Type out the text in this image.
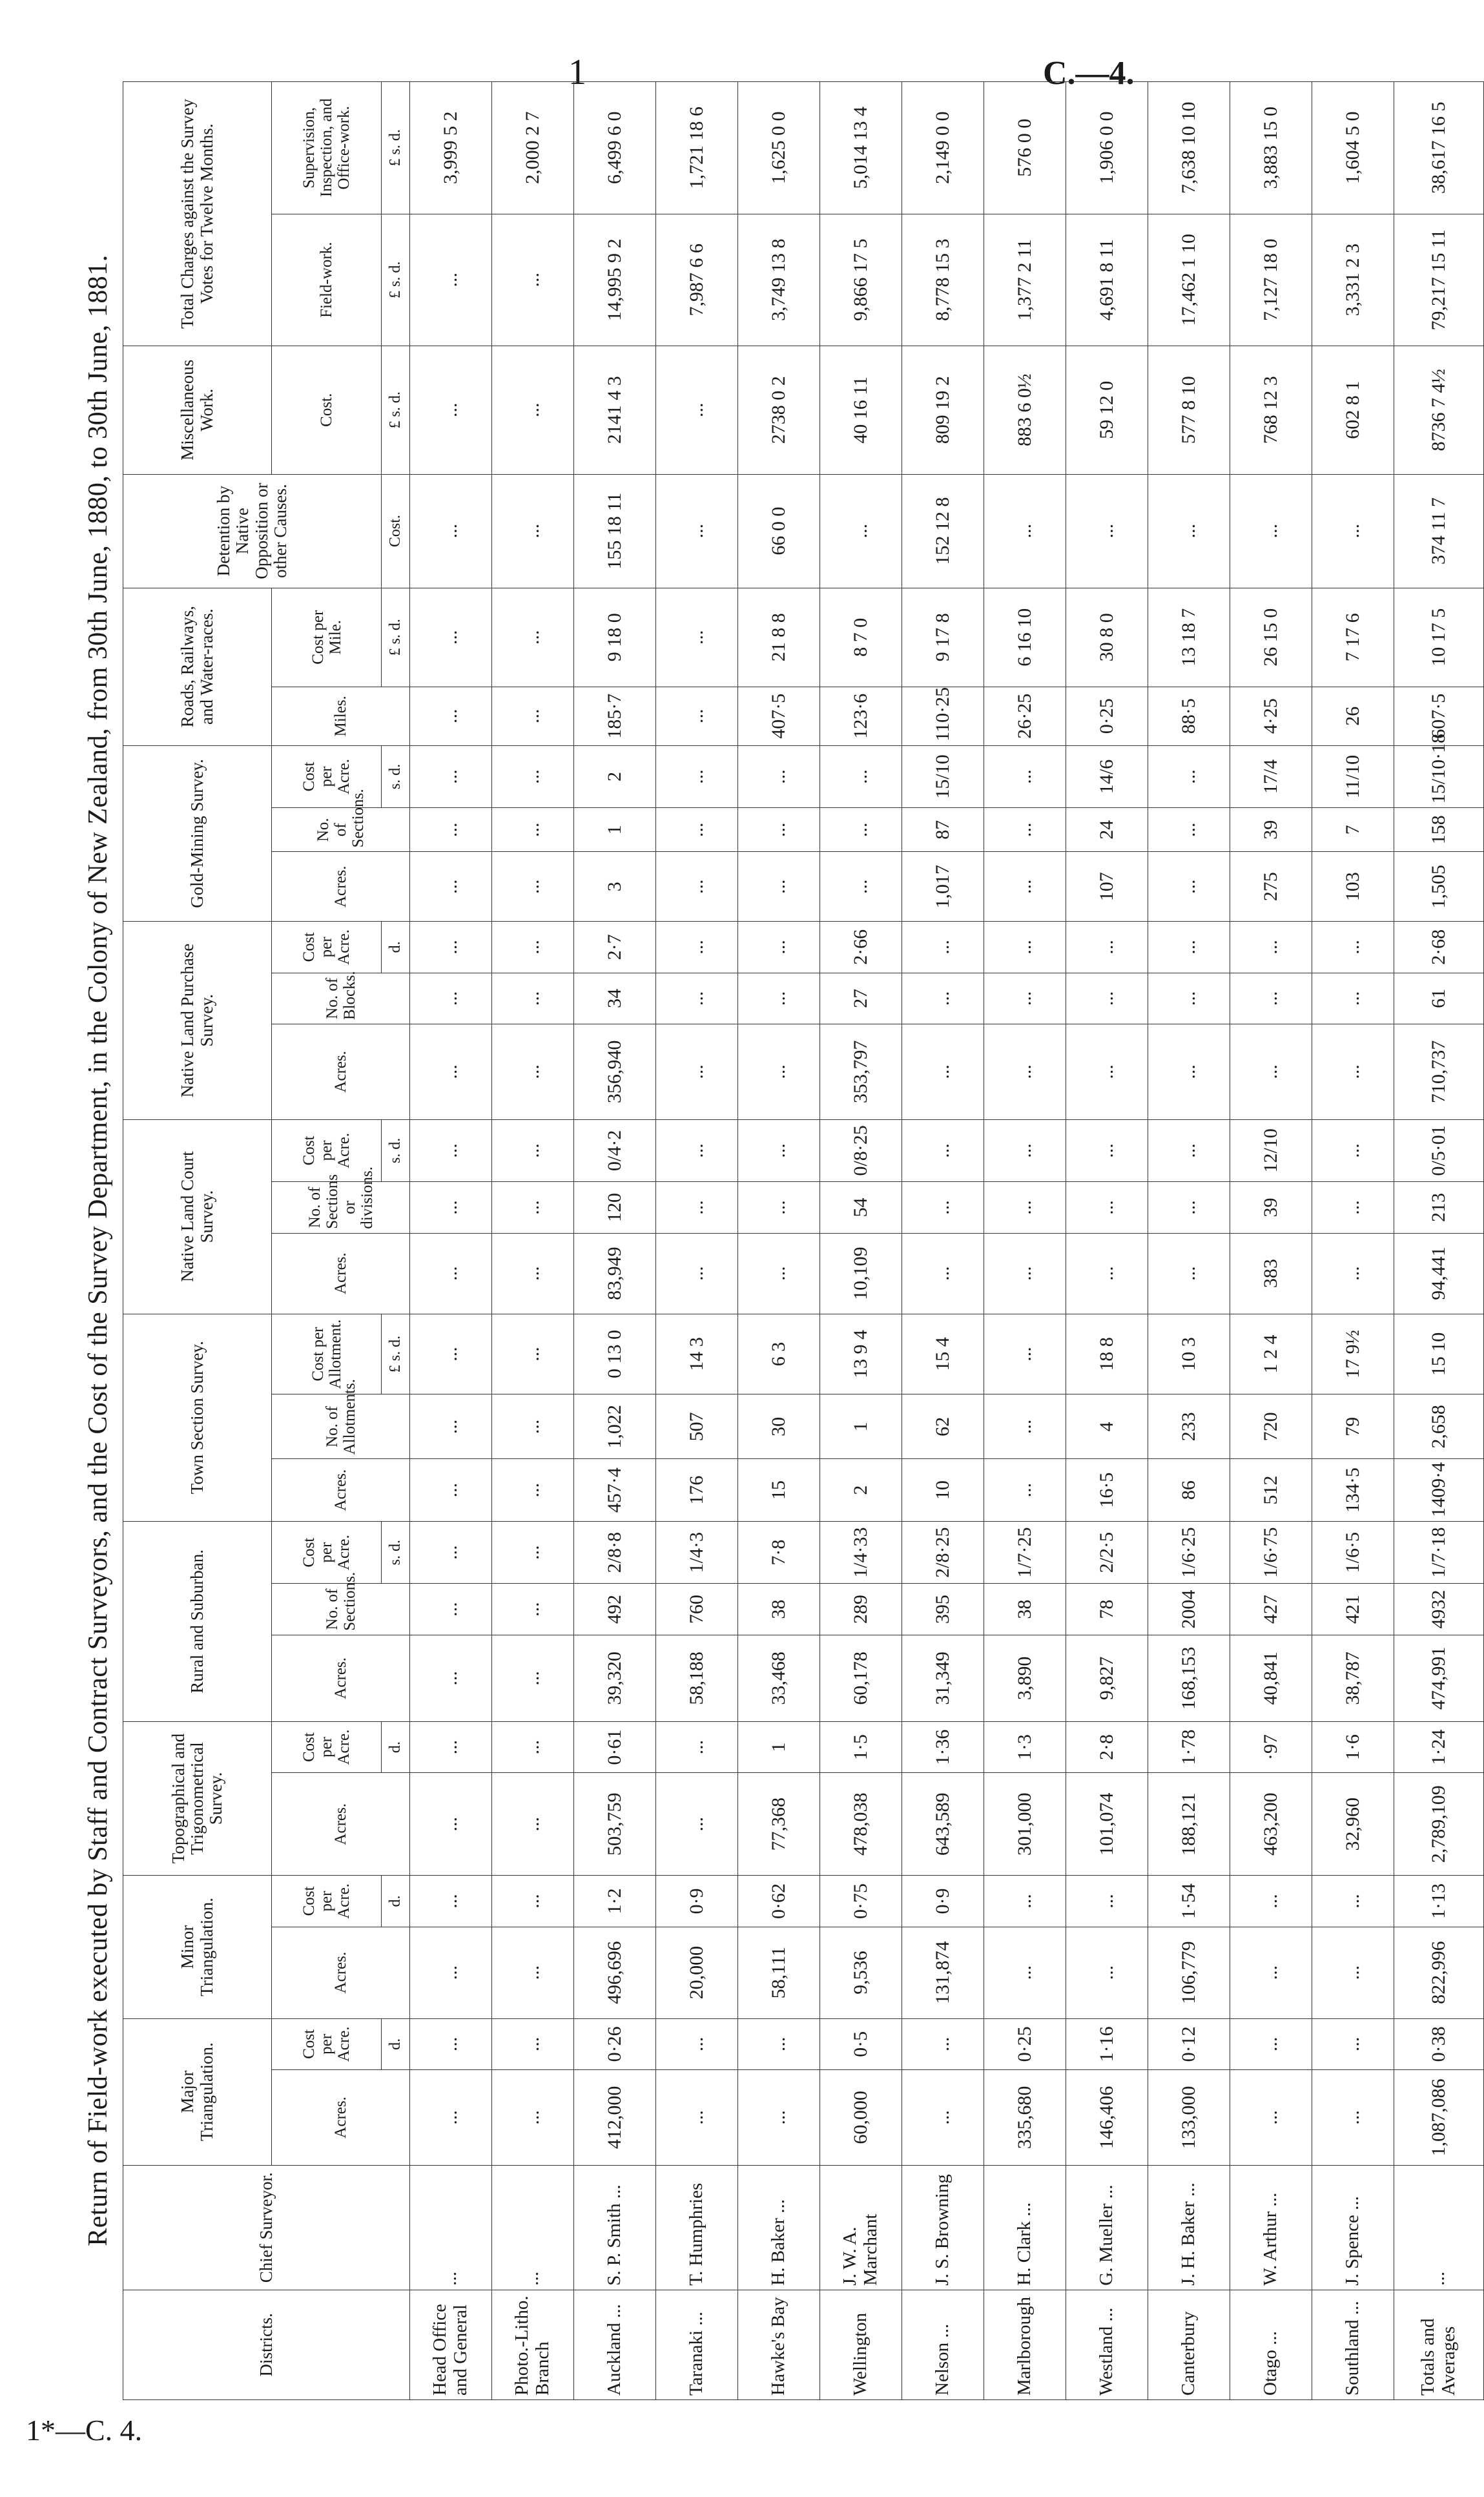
1	C.—4.
1*—C. 4.
Return of Field-work executed by Staff and Contract Surveyors, and the Cost of the Survey Department, in the Colony of New Zealand, from 30th June, 1880, to 30th June, 1881.
Districts.	Chief Surveyor.	Major Triangulation.		Minor Triangulation.		Topographical and Trigonometrical Survey.		Rural and Suburban.			Town Section Survey.			Native Land Court Survey.			Native Land Purchase Survey.			Gold-Mining Survey.			Roads, Railways, and Water-races.		Detention by Native Opposition or other Causes.	Miscellaneous Work.	Total Charges against the Survey Votes for Twelve Months.	
		Acres.	Cost per Acre.	Acres.	Cost per Acre.	Acres.	Cost per Acre.	Acres.	No. of Sections.	Cost per Acre.	Acres.	No. of Allotments.	Cost per Allotment.	Acres.	No. of Sections or divisions.	Cost per Acre.	Acres.	No. of Blocks.	Cost per Acre.	Acres.	No. of Sections.	Cost per Acre.	Miles.	Cost per Mile.		Cost.	Field-work.	Supervision, Inspection, and Office-work.
			d.		d.		d.			s. d.			£ s. d.			s. d.			d.			s. d.		£ s. d.	Cost.	£ s. d.	£ s. d.	£ s. d.
Head Office and General	...	...	...	...	...	...	...	...	...	...	...	...	...	...	...	...	...	...	...	...	...	...	...	...	...	...	...	3,999 5 2
Photo.-Litho. Branch	...	...	...	...	...	...	...	...	...	...	...	...	...	...	...	...	...	...	...	...	...	...	...	...	...	...	...	2,000 2 7
Auckland ...	S. P. Smith ...	412,000	0·26	496,696	1·2	503,759	0·61	39,320	492	2/8·8	457·4	1,022	0 13 0	83,949	120	0/4·2	356,940	34	2·7	3	1	2	185·7	9 18 0	155 18 11	2141 4 3	14,995 9 2	6,499 6 0
Taranaki ...	T. Humphries	...	...	20,000	0·9	...	...	58,188	760	1/4·3	176	507	14 3	...	...	...	...	...	...	...	...	...	...	...	...	...	7,987 6 6	1,721 18 6
Hawke's Bay	H. Baker ...	...	...	58,111	0·62	77,368	1	33,468	38	7·8	15	30	6 3	...	...	...	...	...	...	...	...	...	407·5	21 8 8	66 0 0	2738 0 2	3,749 13 8	1,625 0 0
Wellington	J. W. A. Marchant	60,000	0·5	9,536	0·75	478,038	1·5	60,178	289	1/4·33	2	1	13 9 4	10,109	54	0/8·25	353,797	27	2·66	...	...	...	123·6	8 7 0	...	40 16 11	9,866 17 5	5,014 13 4
Nelson ...	J. S. Browning	...	...	131,874	0·9	643,589	1·36	31,349	395	2/8·25	10	62	15 4	...	...	...	...	...	...	1,017	87	15/10	110·25	9 17 8	152 12 8	809 19 2	8,778 15 3	2,149 0 0
Marlborough	H. Clark ...	335,680	0·25	...	...	301,000	1·3	3,890	38	1/7·25	...	...	...	...	...	...	...	...	...	...	...	...	26·25	6 16 10	...	883 6 0½	1,377 2 11	576 0 0
Westland ...	G. Mueller ...	146,406	1·16	...	...	101,074	2·8	9,827	78	2/2·5	16·5	4	18 8	...	...	...	...	...	...	107	24	14/6	0·25	30 8 0	...	59 12 0	4,691 8 11	1,906 0 0
Canterbury	J. H. Baker ...	133,000	0·12	106,779	1·54	188,121	1·78	168,153	2004	1/6·25	86	233	10 3	...	...	...	...	...	...	...	...	...	88·5	13 18 7	...	577 8 10	17,462 1 10	7,638 10 10
Otago ...	W. Arthur ...	...	...	...	...	463,200	·97	40,841	427	1/6·75	512	720	1 2 4	383	39	12/10	...	...	...	275	39	17/4	4·25	26 15 0	...	768 12 3	7,127 18 0	3,883 15 0
Southland ...	J. Spence ...	...	...	...	...	32,960	1·6	38,787	421	1/6·5	134·5	79	17 9½	...	...	...	...	...	...	103	7	11/10	26	7 17 6	...	602 8 1	3,331 2 3	1,604 5 0
Totals and Averages	...	1,087,086	0·38	822,996	1·13	2,789,109	1·24	474,991	4932	1/7·18	1409·4	2,658	15 10	94,441	213	0/5·01	710,737	61	2·68	1,505	158	15/10·18	607·5	10 17 5	374 11 7	8736 7 4½	79,217 15 11	38,617 16 5
